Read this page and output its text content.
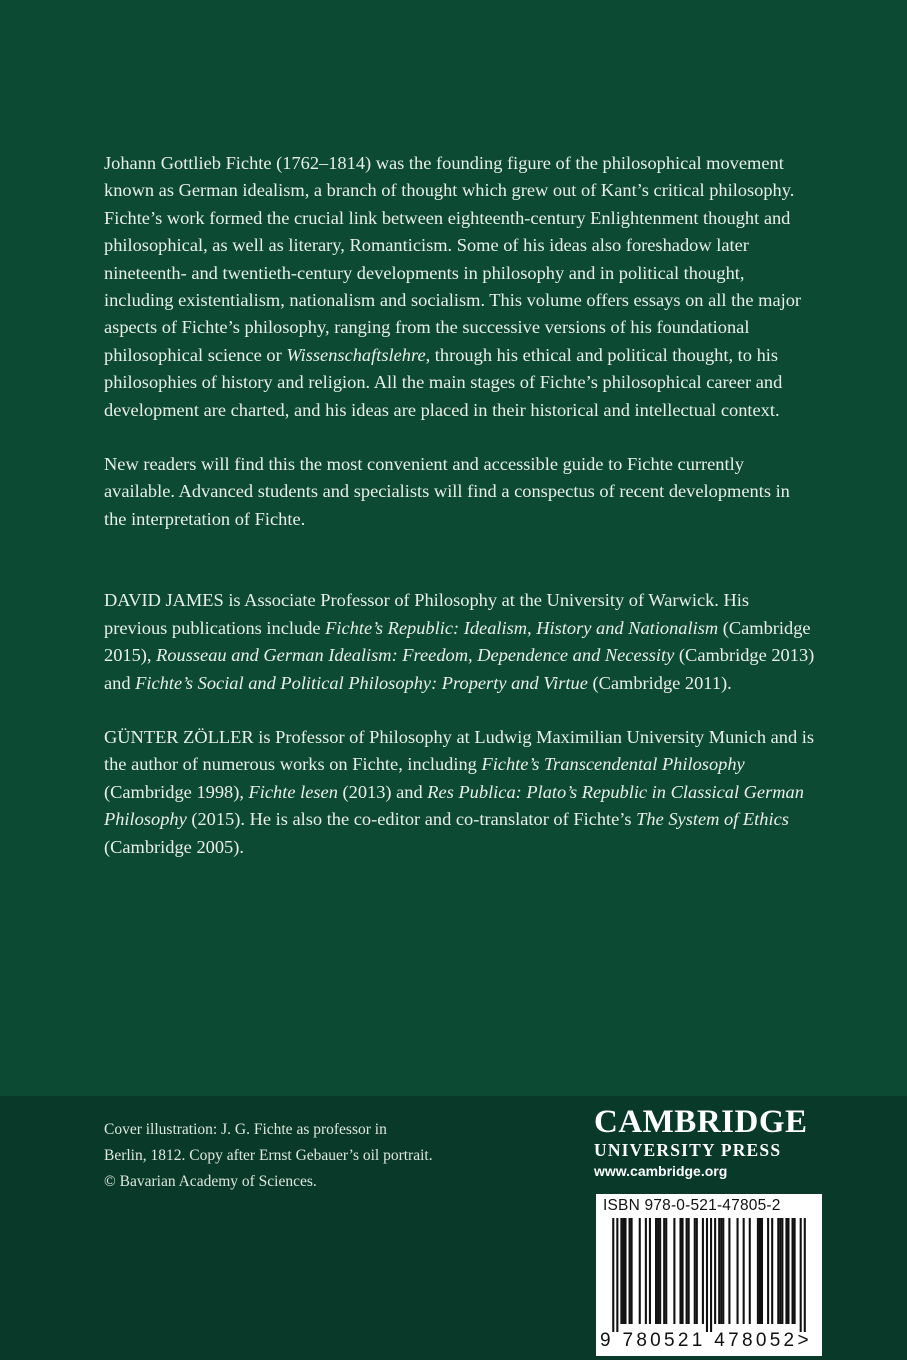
Johann Gottlieb Fichte (1762–1814) was the founding figure of the philosophical movement known as German idealism, a branch of thought which grew out of Kant’s critical philosophy. Fichte’s work formed the crucial link between eighteenth-century Enlightenment thought and philosophical, as well as literary, Romanticism. Some of his ideas also foreshadow later nineteenth- and twentieth-century developments in philosophy and in political thought, including existentialism, nationalism and socialism. This volume offers essays on all the major aspects of Fichte’s philosophy, ranging from the successive versions of his foundational philosophical science or Wissenschaftslehre, through his ethical and political thought, to his philosophies of history and religion. All the main stages of Fichte’s philosophical career and development are charted, and his ideas are placed in their historical and intellectual context.

New readers will find this the most convenient and accessible guide to Fichte currently available. Advanced students and specialists will find a conspectus of recent developments in the interpretation of Fichte.

DAVID JAMES is Associate Professor of Philosophy at the University of Warwick. His previous publications include Fichte’s Republic: Idealism, History and Nationalism (Cambridge 2015), Rousseau and German Idealism: Freedom, Dependence and Necessity (Cambridge 2013) and Fichte’s Social and Political Philosophy: Property and Virtue (Cambridge 2011).

GÜNTER ZÖLLER is Professor of Philosophy at Ludwig Maximilian University Munich and is the author of numerous works on Fichte, including Fichte’s Transcendental Philosophy (Cambridge 1998), Fichte lesen (2013) and Res Publica: Plato’s Republic in Classical German Philosophy (2015). He is also the co-editor and co-translator of Fichte’s The System of Ethics (Cambridge 2005).

Cover illustration: J. G. Fichte as professor in
Berlin, 1812. Copy after Ernst Gebauer’s oil portrait.
© Bavarian Academy of Sciences.
CAMBRIDGE
UNIVERSITY PRESS
www.cambridge.org
ISBN 978-0-521-47805-2
9 780521 478052>
